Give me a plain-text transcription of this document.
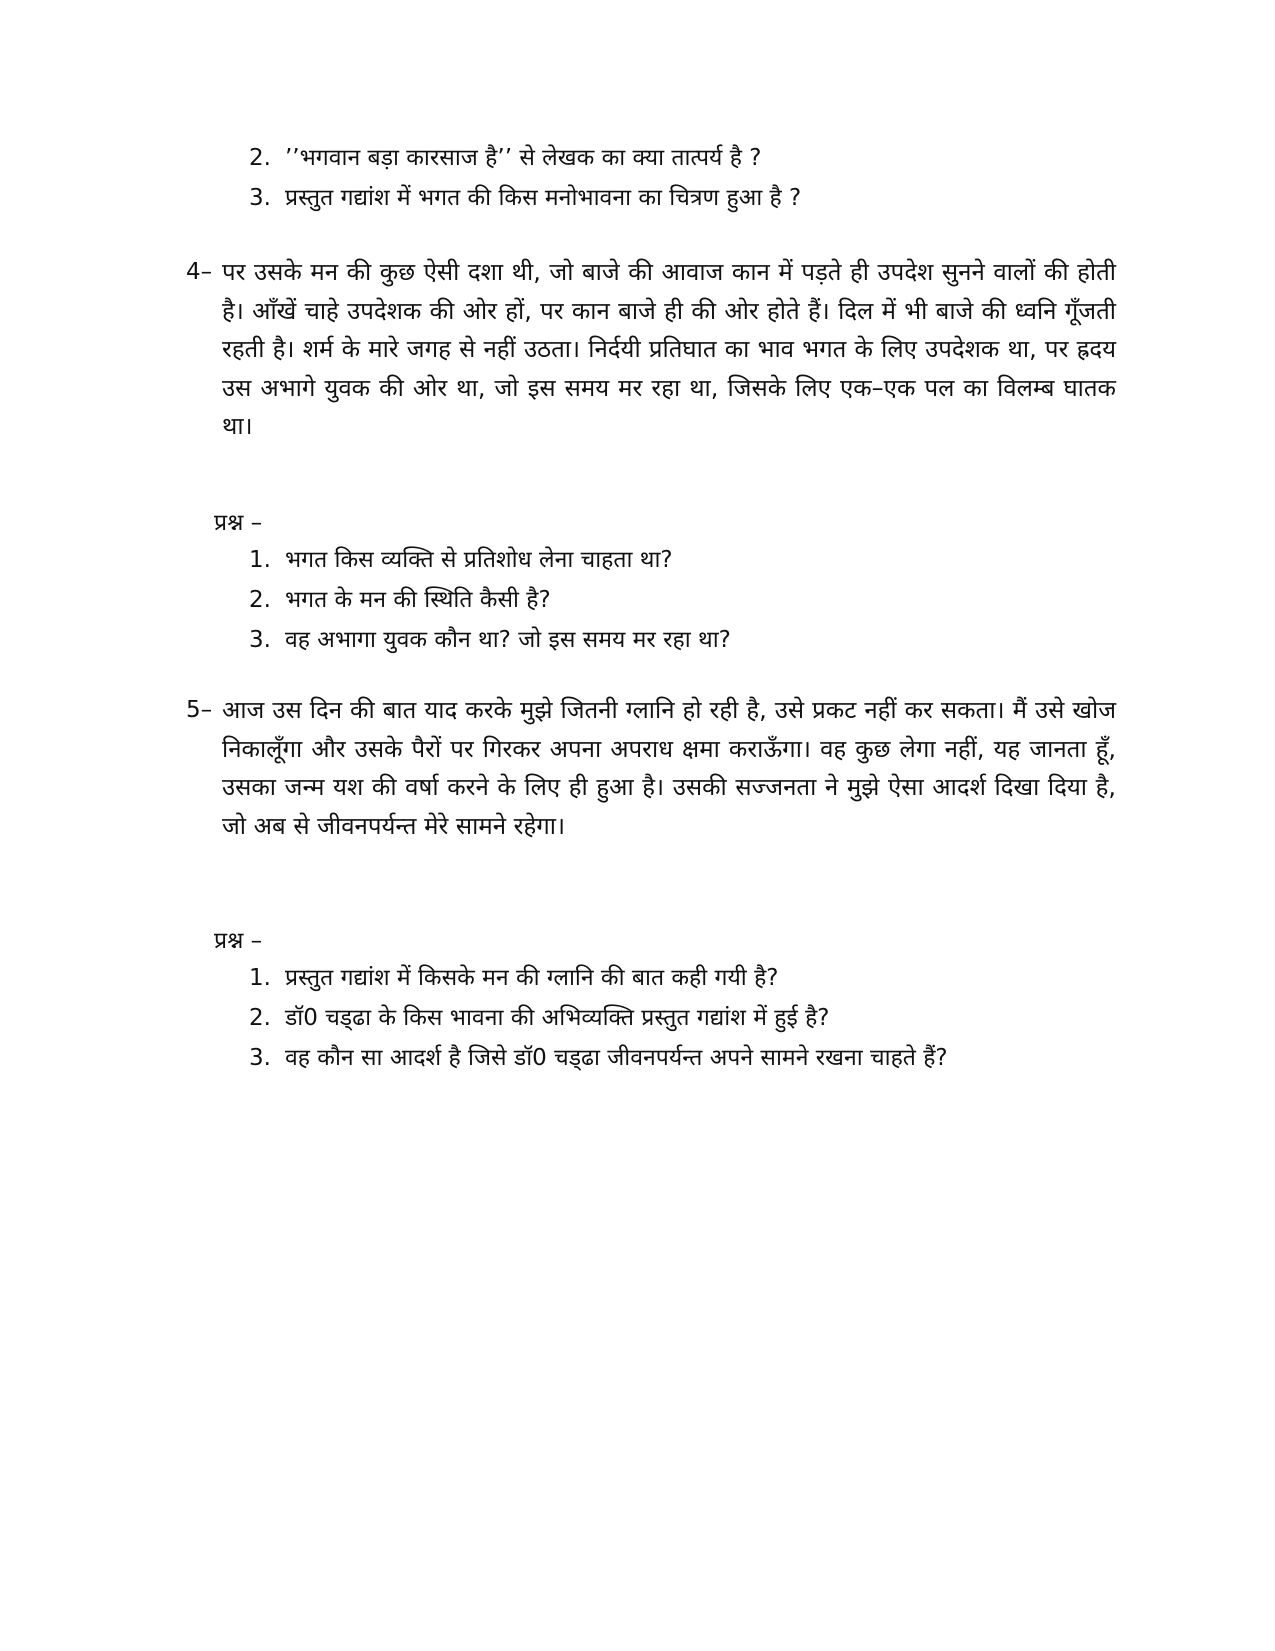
2. ’’भगवान बड़ा कारसाज है’’ से लेखक का क्या तात्पर्य है ?
3. प्रस्तुत गद्यांश में भगत की किस मनोभावना का चित्रण हुआ है ?
4– पर उसके मन की कुछ ऐसी दशा थी, जो बाजे की आवाज कान में पड़ते ही उपदेश सुनने वालों की होती है। आँखें चाहे उपदेशक की ओर हों, पर कान बाजे ही की ओर होते हैं। दिल में भी बाजे की ध्वनि गूँजती रहती है। शर्म के मारे जगह से नहीं उठता। निर्दयी प्रतिघात का भाव भगत के लिए उपदेशक था, पर ह्रदय उस अभागे युवक की ओर था, जो इस समय मर रहा था, जिसके लिए एक–एक पल का विलम्ब घातक था।

प्रश्न –
1. भगत किस व्यक्ति से प्रतिशोध लेना चाहता था?
2. भगत के मन की स्थिति कैसी है?
3. वह अभागा युवक कौन था? जो इस समय मर रहा था?
5– आज उस दिन की बात याद करके मुझे जितनी ग्लानि हो रही है, उसे प्रकट नहीं कर सकता। मैं उसे खोज निकालूँगा और उसके पैरों पर गिरकर अपना अपराध क्षमा कराऊँगा। वह कुछ लेगा नहीं, यह जानता हूँ, उसका जन्म यश की वर्षा करने के लिए ही हुआ है। उसकी सज्जनता ने मुझे ऐसा आदर्श दिखा दिया है, जो अब से जीवनपर्यन्त मेरे सामने रहेगा।

प्रश्न –
1. प्रस्तुत गद्यांश में किसके मन की ग्लानि की बात कही गयी है?
2. डॉ0 चड्‌ढा के किस भावना की अभिव्यक्ति प्रस्तुत गद्यांश में हुई है?
3. वह कौन सा आदर्श है जिसे डॉ0 चड्‌ढा जीवनपर्यन्त अपने सामने रखना चाहते हैं?
